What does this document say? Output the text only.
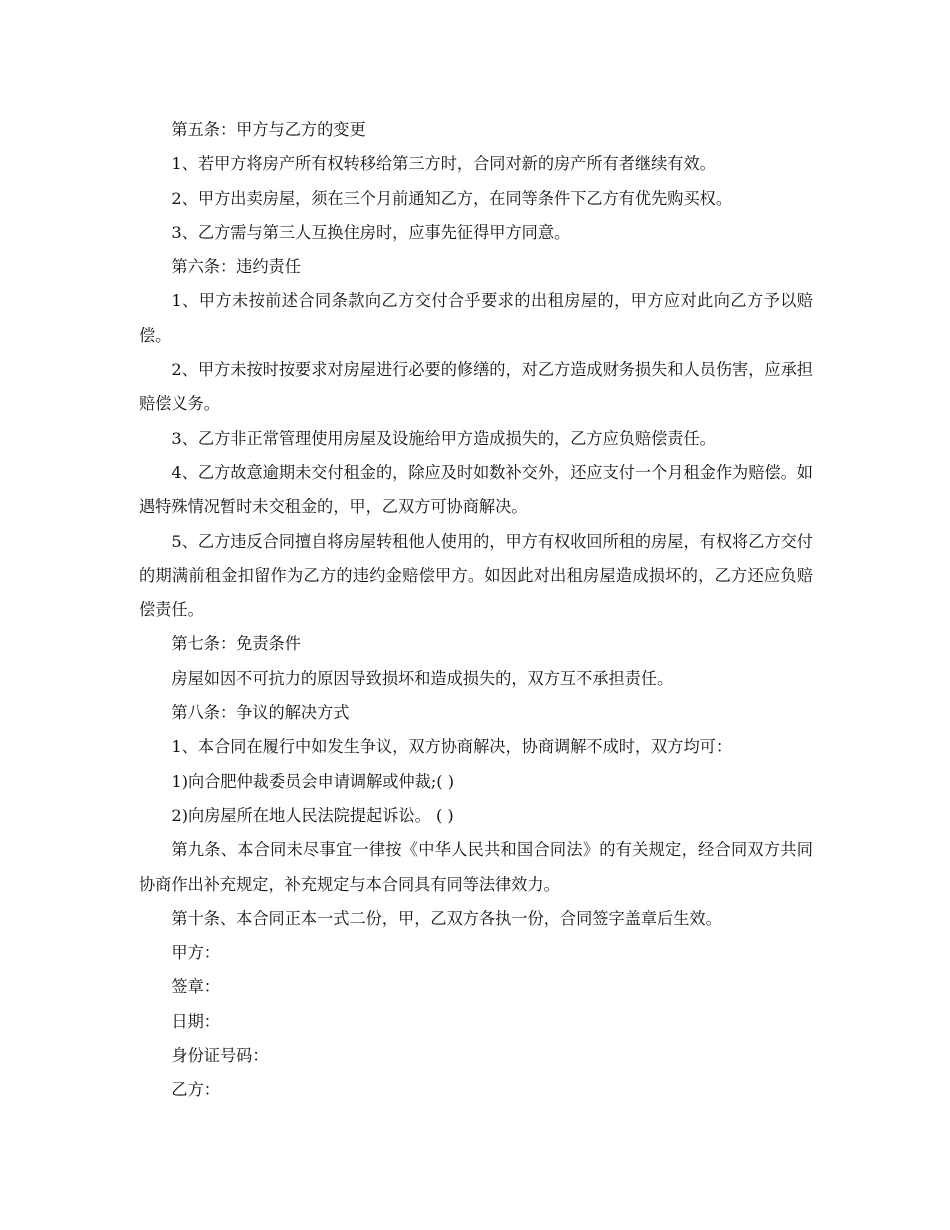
第五条：甲方与乙方的变更

1、若甲方将房产所有权转移给第三方时，合同对新的房产所有者继续有效。

2、甲方出卖房屋，须在三个月前通知乙方，在同等条件下乙方有优先购买权。

3、乙方需与第三人互换住房时，应事先征得甲方同意。

第六条：违约责任

1、甲方未按前述合同条款向乙方交付合乎要求的出租房屋的，甲方应对此向乙方予以赔偿。

2、甲方未按时按要求对房屋进行必要的修缮的，对乙方造成财务损失和人员伤害，应承担赔偿义务。

3、乙方非正常管理使用房屋及设施给甲方造成损失的，乙方应负赔偿责任。

4、乙方故意逾期未交付租金的，除应及时如数补交外，还应支付一个月租金作为赔偿。如遇特殊情况暂时未交租金的，甲，乙双方可协商解决。

5、乙方违反合同擅自将房屋转租他人使用的，甲方有权收回所租的房屋，有权将乙方交付的期满前租金扣留作为乙方的违约金赔偿甲方。如因此对出租房屋造成损坏的，乙方还应负赔偿责任。

第七条：免责条件

房屋如因不可抗力的原因导致损坏和造成损失的，双方互不承担责任。

第八条：争议的解决方式

1、本合同在履行中如发生争议，双方协商解决，协商调解不成时，双方均可：

1)向合肥仲裁委员会申请调解或仲裁;( )

2)向房屋所在地人民法院提起诉讼。 ( )

第九条、本合同未尽事宜一律按《中华人民共和国合同法》的有关规定，经合同双方共同协商作出补充规定，补充规定与本合同具有同等法律效力。

第十条、本合同正本一式二份，甲，乙双方各执一份，合同签字盖章后生效。

甲方：

签章：

日期：

身份证号码：

乙方：
